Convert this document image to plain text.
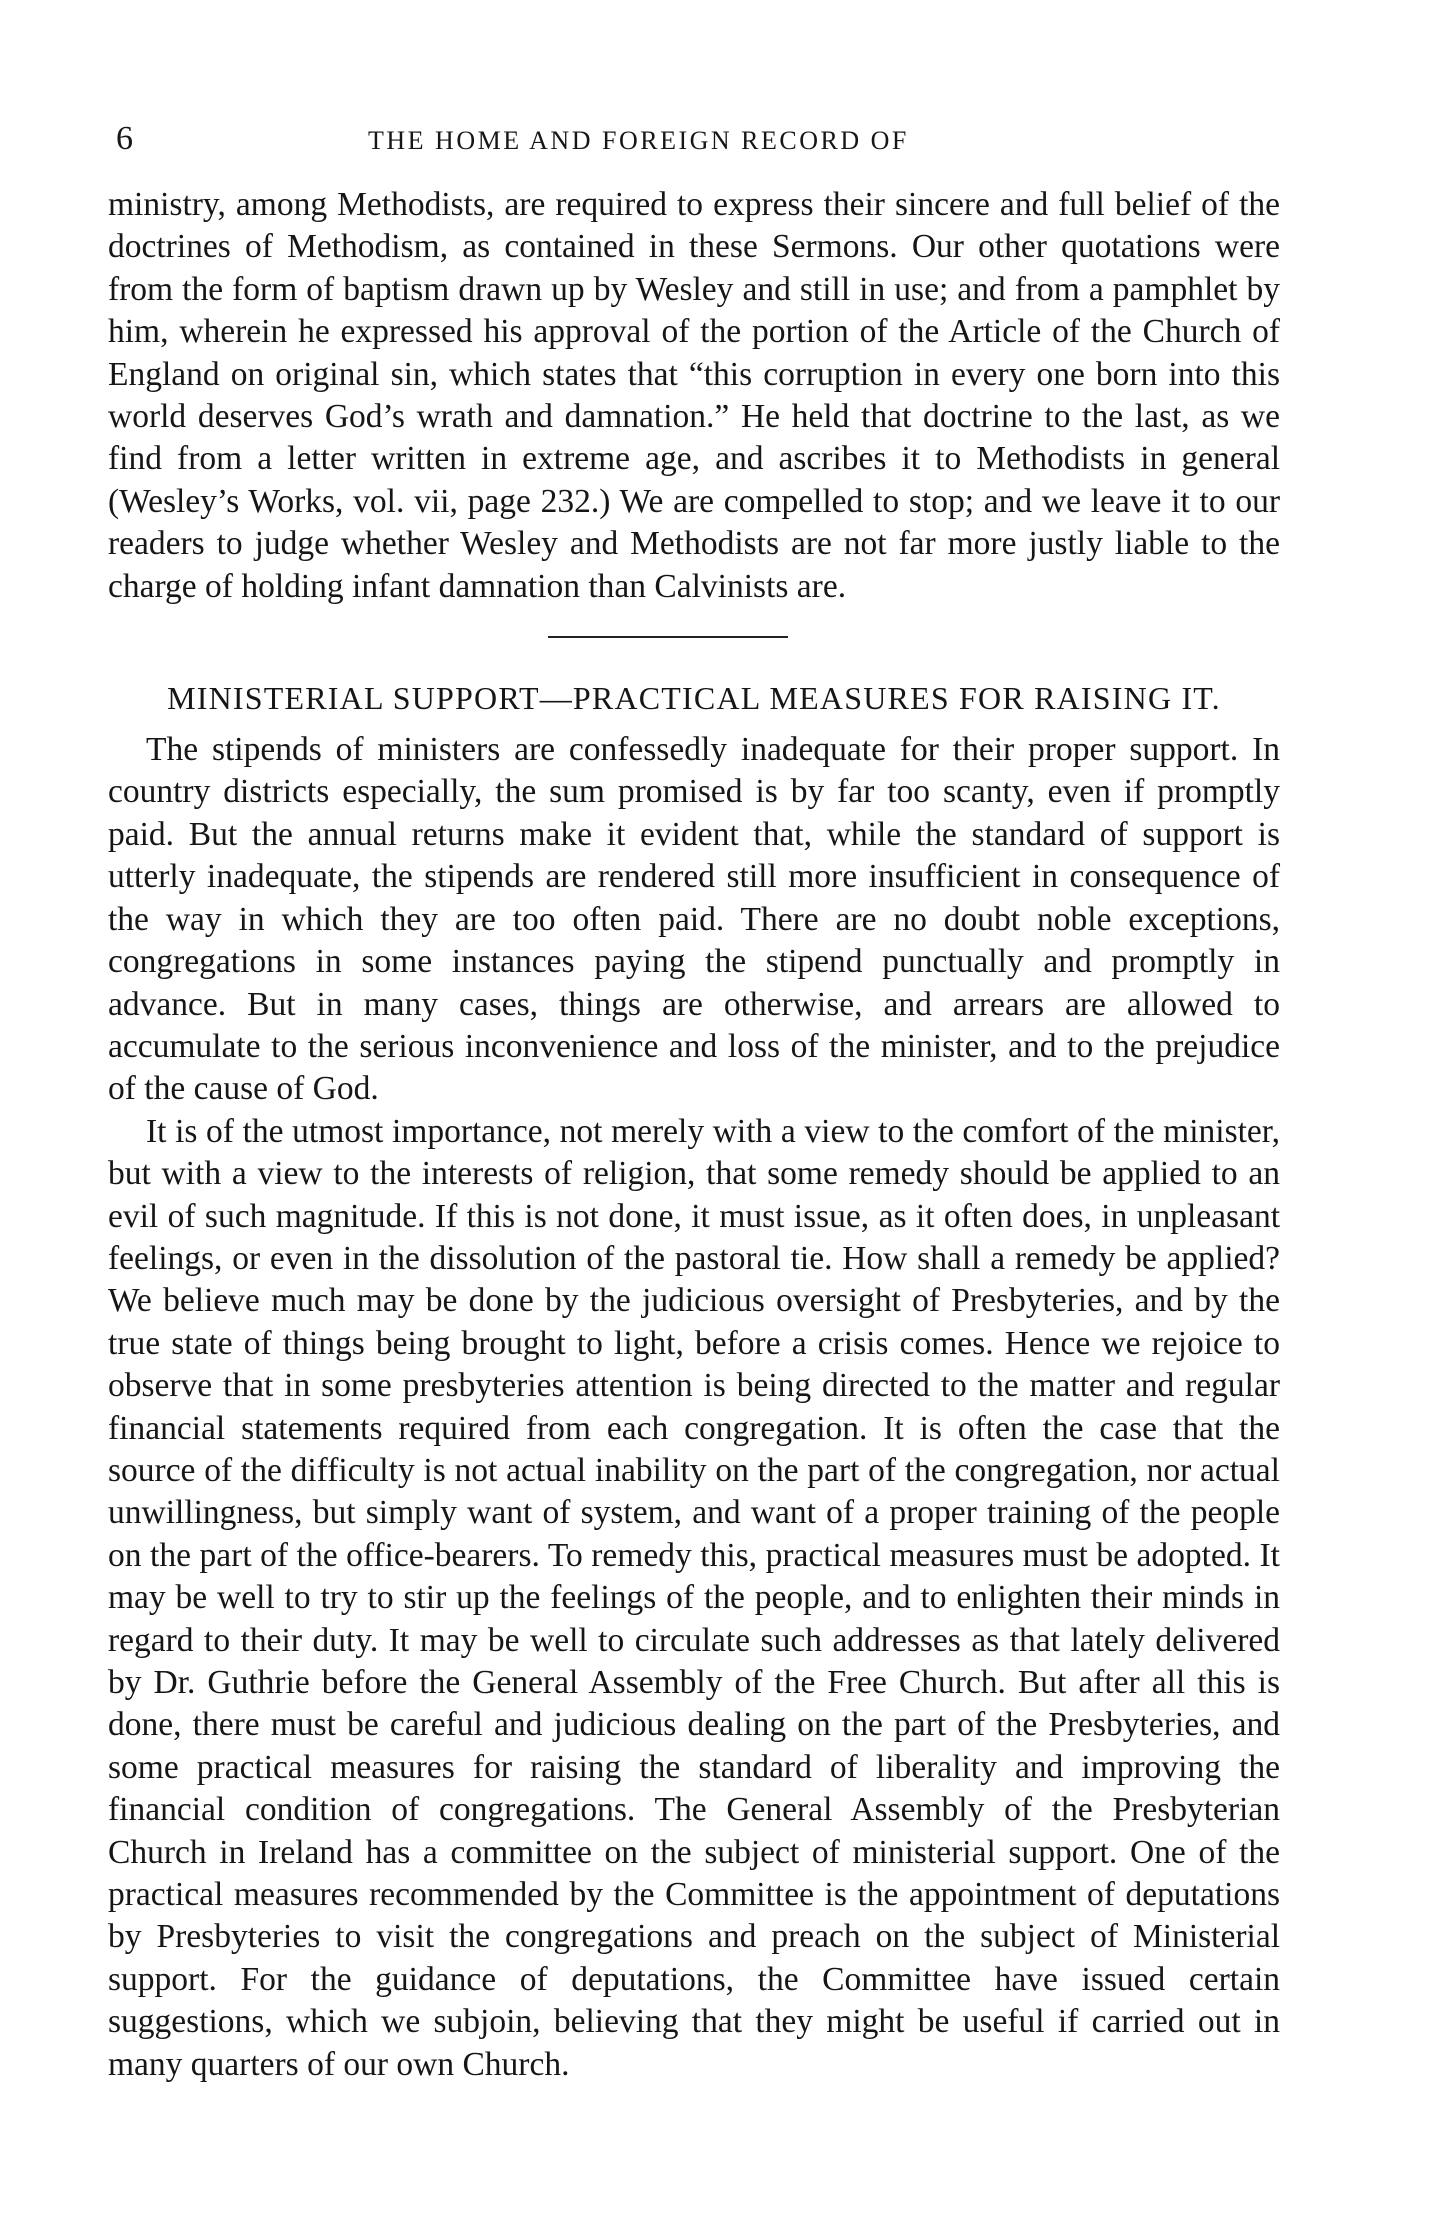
6	THE HOME AND FOREIGN RECORD OF

ministry, among Methodists, are required to express their sincere and full belief of the doctrines of Methodism, as contained in these Sermons. Our other quotations were from the form of baptism drawn up by Wesley and still in use; and from a pamphlet by him, wherein he expressed his approval of the portion of the Article of the Church of England on original sin, which states that “this corruption in every one born into this world deserves God’s wrath and damnation.” He held that doctrine to the last, as we find from a letter written in extreme age, and ascribes it to Methodists in general (Wesley’s Works, vol. vii, page 232.) We are compelled to stop; and we leave it to our readers to judge whether Wesley and Methodists are not far more justly liable to the charge of holding infant damnation than Calvinists are.

MINISTERIAL SUPPORT—PRACTICAL MEASURES FOR RAISING IT.

The stipends of ministers are confessedly inadequate for their proper support. In country districts especially, the sum promised is by far too scanty, even if promptly paid. But the annual returns make it evident that, while the standard of support is utterly inadequate, the stipends are rendered still more insufficient in consequence of the way in which they are too often paid. There are no doubt noble exceptions, congregations in some instances paying the stipend punctually and promptly in advance. But in many cases, things are otherwise, and arrears are allowed to accumulate to the serious inconvenience and loss of the minister, and to the prejudice of the cause of God.

It is of the utmost importance, not merely with a view to the comfort of the minister, but with a view to the interests of religion, that some remedy should be applied to an evil of such magnitude. If this is not done, it must issue, as it often does, in unpleasant feelings, or even in the dissolution of the pastoral tie. How shall a remedy be applied? We believe much may be done by the judicious oversight of Presbyteries, and by the true state of things being brought to light, before a crisis comes. Hence we rejoice to observe that in some presbyteries attention is being directed to the matter and regular financial statements required from each congregation. It is often the case that the source of the difficulty is not actual inability on the part of the congregation, nor actual unwillingness, but simply want of system, and want of a proper training of the people on the part of the office-bearers. To remedy this, practical measures must be adopted. It may be well to try to stir up the feelings of the people, and to enlighten their minds in regard to their duty. It may be well to circulate such addresses as that lately delivered by Dr. Guthrie before the General Assembly of the Free Church. But after all this is done, there must be careful and judicious dealing on the part of the Presbyteries, and some practical measures for raising the standard of liberality and improving the financial condition of congregations. The General Assembly of the Presbyterian Church in Ireland has a committee on the subject of ministerial support. One of the practical measures recommended by the Committee is the appointment of deputations by Presbyteries to visit the congregations and preach on the subject of Ministerial support. For the guidance of deputations, the Committee have issued certain suggestions, which we subjoin, believing that they might be useful if carried out in many quarters of our own Church.
